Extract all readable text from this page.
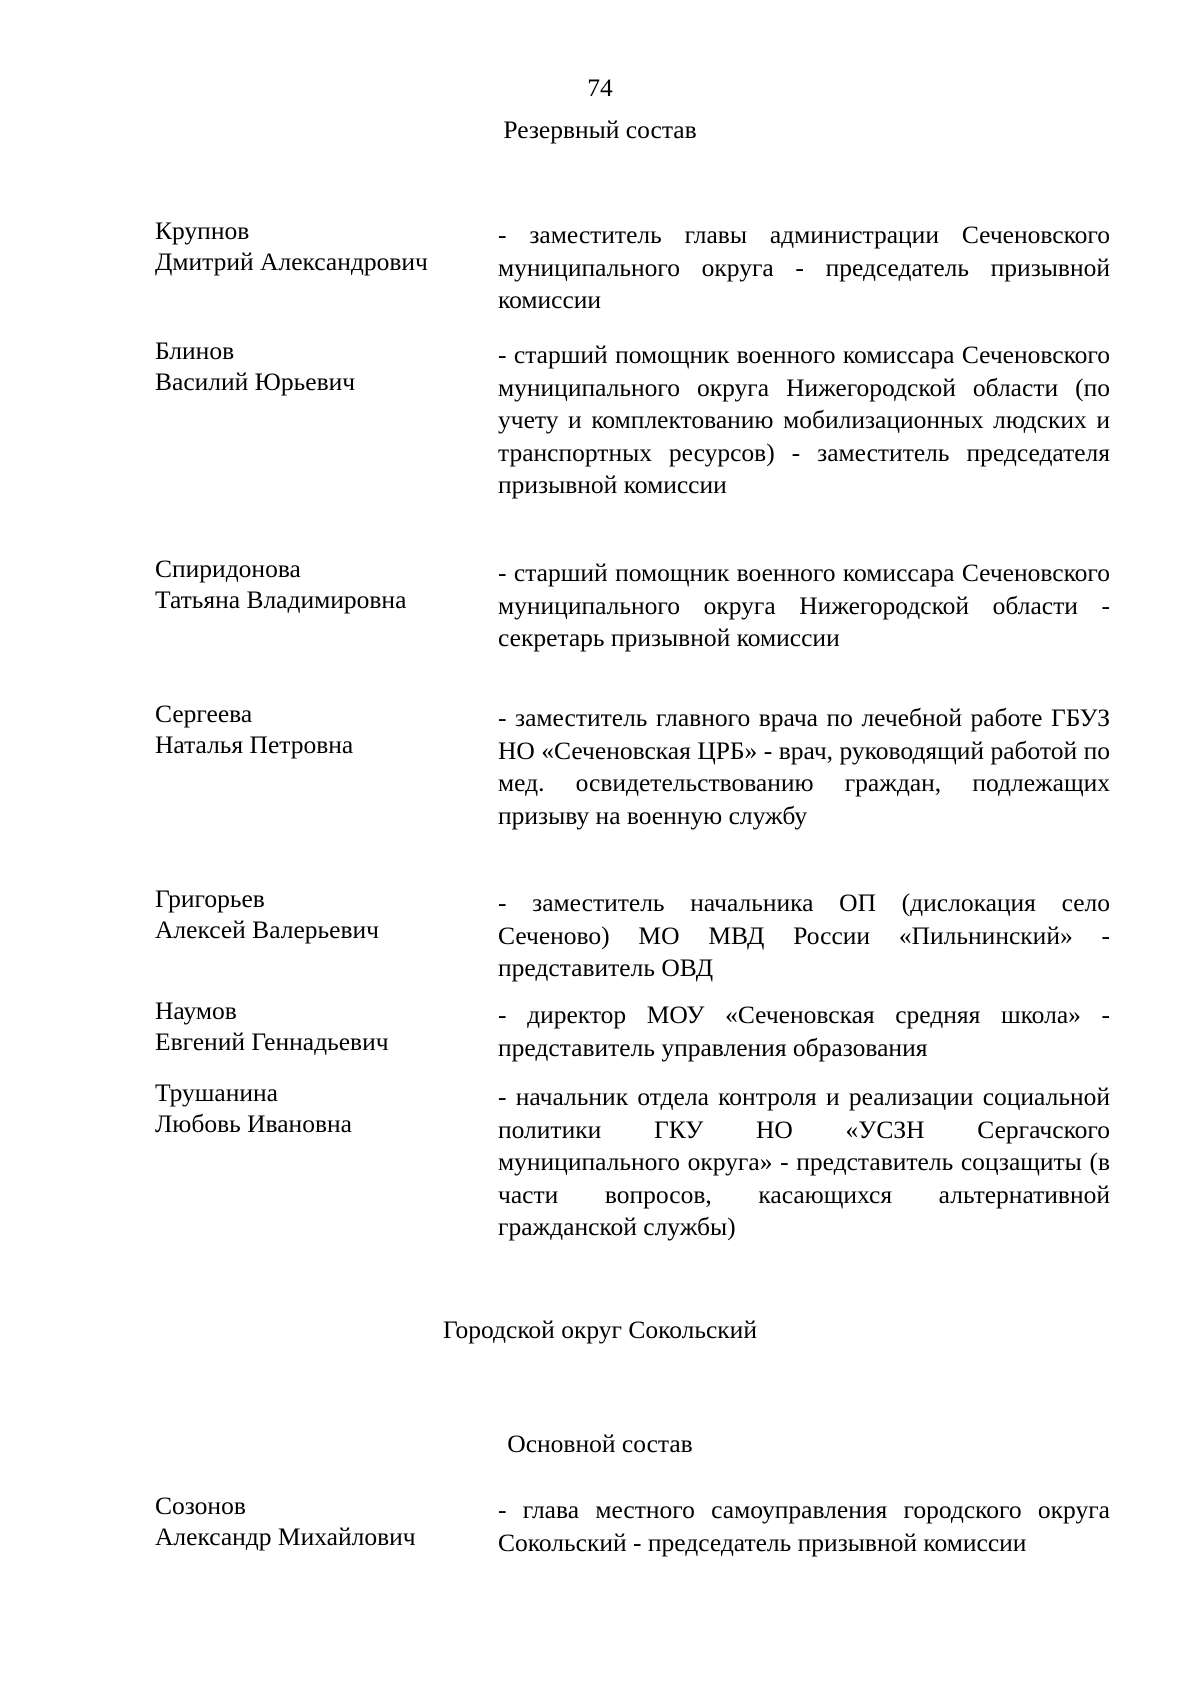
74
Резервный состав
Крупнов
Дмитрий Александрович
- заместитель главы администрации Сеченовского муниципального округа - председатель призывной комиссии
Блинов
Василий Юрьевич
- старший помощник военного комиссара Сеченовского муниципального округа Нижегородской области (по учету и комплектованию мобилизационных людских и транспортных ресурсов) - заместитель председателя призывной комиссии
Спиридонова
Татьяна Владимировна
- старший помощник военного комиссара Сеченовского муниципального округа Нижегородской области - секретарь призывной комиссии
Сергеева
Наталья Петровна
- заместитель главного врача по лечебной работе ГБУЗ НО «Сеченовская ЦРБ» - врач, руководящий работой по мед. освидетельствованию граждан, подлежащих призыву на военную службу
Григорьев
Алексей Валерьевич
- заместитель начальника ОП (дислокация село Сеченово) МО МВД России «Пильнинский» - представитель ОВД
Наумов
Евгений Геннадьевич
- директор МОУ «Сеченовская средняя школа» - представитель управления образования
Трушанина
Любовь Ивановна
- начальник отдела контроля и реализации социальной политики ГКУ НО «УСЗН Сергачского муниципального округа» - представитель соцзащиты (в части вопросов, касающихся альтернативной гражданской службы)
Городской округ Сокольский
Основной состав
Созонов
Александр Михайлович
- глава местного самоуправления городского округа Сокольский - председатель призывной комиссии
